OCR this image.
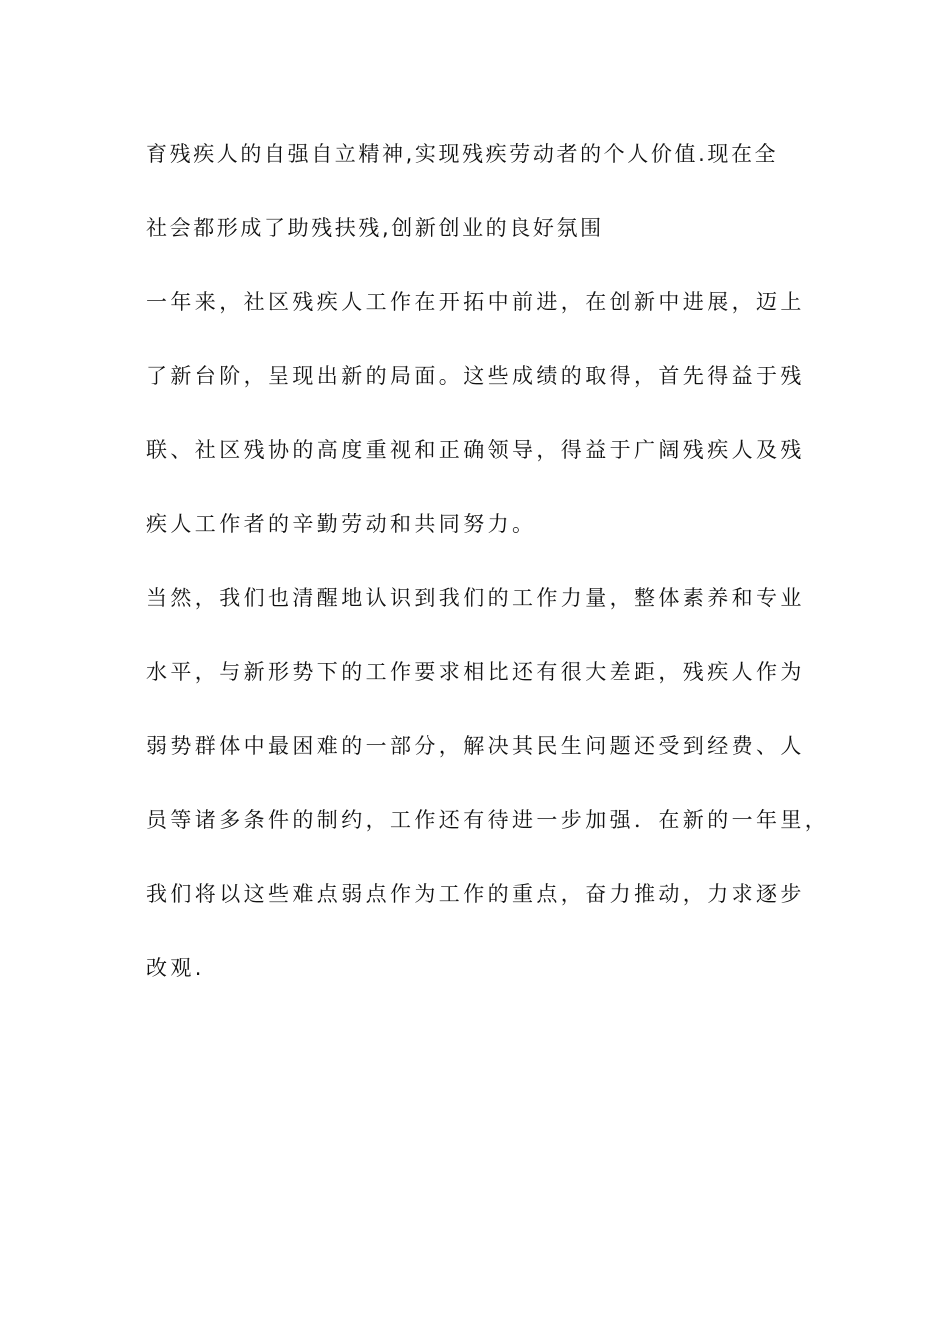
育残疾人的自强自立精神,实现残疾劳动者的个人价值.现在全
社会都形成了助残扶残,创新创业的良好氛围
一年来，社区残疾人工作在开拓中前进，在创新中进展，迈上
了新台阶，呈现出新的局面。这些成绩的取得，首先得益于残
联、社区残协的高度重视和正确领导，得益于广阔残疾人及残
疾人工作者的辛勤劳动和共同努力。
当然，我们也清醒地认识到我们的工作力量，整体素养和专业
水平，与新形势下的工作要求相比还有很大差距，残疾人作为
弱势群体中最困难的一部分，解决其民生问题还受到经费、人
员等诸多条件的制约，工作还有待进一步加强．在新的一年里，
我们将以这些难点弱点作为工作的重点，奋力推动，力求逐步
改观.
